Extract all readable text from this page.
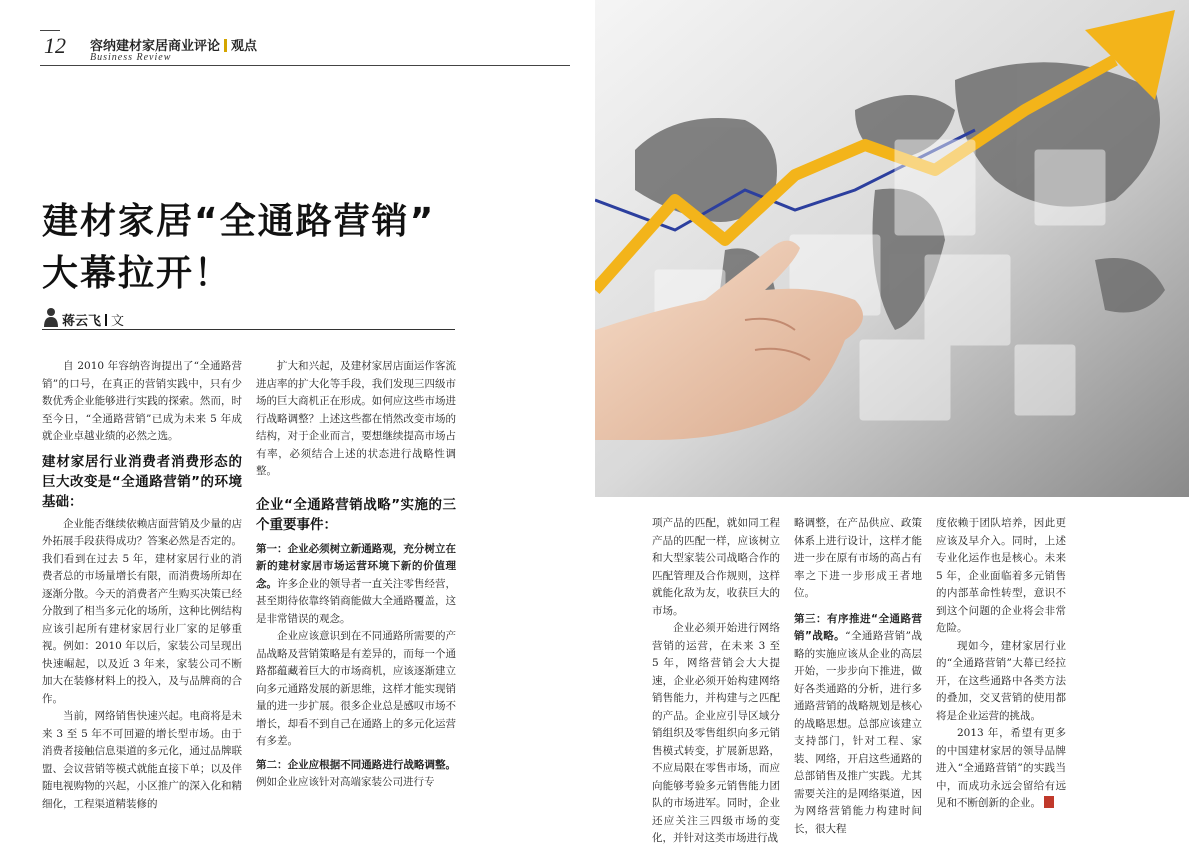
12 容纳建材家居商业评论 观点
Business Review
建材家居“全通路营销”
大幕拉开！
蒋云飞 文

自 2010 年容纳咨询提出了“全通路营销”的口号，在真正的营销实践中，只有少数优秀企业能够进行实践的探索。然而，时至今日，“全通路营销”已成为未来 5 年成就企业卓越业绩的必然之选。

建材家居行业消费者消费形态的巨大改变是“全通路营销”的环境基础：

企业能否继续依赖店面营销及少量的店外拓展手段获得成功？答案必然是否定的。我们看到在过去 5 年，建材家居行业的消费者总的市场量增长有限，而消费场所却在逐渐分散。今天的消费者产生购买决策已经分散到了相当多元化的场所，这种比例结构应该引起所有建材家居行业厂家的足够重视。例如：2010 年以后，家装公司呈现出快速崛起，以及近 3 年来，家装公司不断加大在装修材料上的投入，及与品牌商的合作。

当前，网络销售快速兴起。电商将是未来 3 至 5 年不可回避的增长型市场。由于消费者接触信息渠道的多元化，通过品牌联盟、会议营销等模式就能直接下单；以及伴随电视购物的兴起，小区推广的深入化和精细化，工程渠道精装修的

扩大和兴起，及建材家居店面运作客流进店率的扩大化等手段，我们发现三四级市场的巨大商机正在形成。如何应这些市场进行战略调整？上述这些都在悄然改变市场的结构，对于企业而言，要想继续提高市场占有率，必须结合上述的状态进行战略性调整。

企业“全通路营销战略”实施的三个重要事件：

第一：企业必须树立新通路观，充分树立在新的建材家居市场运营环境下新的价值理念。许多企业的领导者一直关注零售经营，甚至期待依靠终销商能做大全通路覆盖，这是非常错误的观念。

企业应该意识到在不同通路所需要的产品战略及营销策略是有差异的，而每一个通路都蕴藏着巨大的市场商机，应该逐渐建立向多元通路发展的新思维，这样才能实现销量的进一步扩展。很多企业总是感叹市场不增长，却看不到自己在通路上的多元化运营有多差。

第二：企业应根据不同通路进行战略调整。例如企业应该针对高端家装公司进行专

项产品的匹配，就如同工程产品的匹配一样，应该树立和大型家装公司战略合作的匹配管理及合作规则，这样就能化敌为友，收获巨大的市场。

企业必须开始进行网络营销的运营，在未来 3 至 5 年，网络营销会大大提速，企业必须开始构建网络销售能力，并构建与之匹配的产品。企业应引导区域分销组织及零售组织向多元销售模式转变，扩展新思路，不应局限在零售市场，而应向能够考验多元销售能力团队的市场进军。同时，企业还应关注三四级市场的变化，并针对这类市场进行战

略调整，在产品供应、政策体系上进行设计，这样才能进一步在原有市场的高占有率之下进一步形成王者地位。

第三：有序推进“全通路营销”战略。“全通路营销”战略的实施应该从企业的高层开始，一步步向下推进，做好各类通路的分析，进行多通路营销的战略规划是核心的战略思想。总部应该建立支持部门，针对工程、家装、网络，开启这些通路的总部销售及推广实践。尤其需要关注的是网络渠道，因为网络营销能力构建时间长，很大程

度依赖于团队培养，因此更应该及早介入。同时，上述专业化运作也是核心。未来 5 年，企业面临着多元销售的内部革命性转型，意识不到这个问题的企业将会非常危险。

现如今，建材家居行业的“全通路营销”大幕已经拉开，在这些通路中各类方法的叠加，交叉营销的使用都将是企业运营的挑战。

2013 年，希望有更多的中国建材家居的领导品牌进入“全通路营销”的实践当中，而成功永远会留给有远见和不断创新的企业。
